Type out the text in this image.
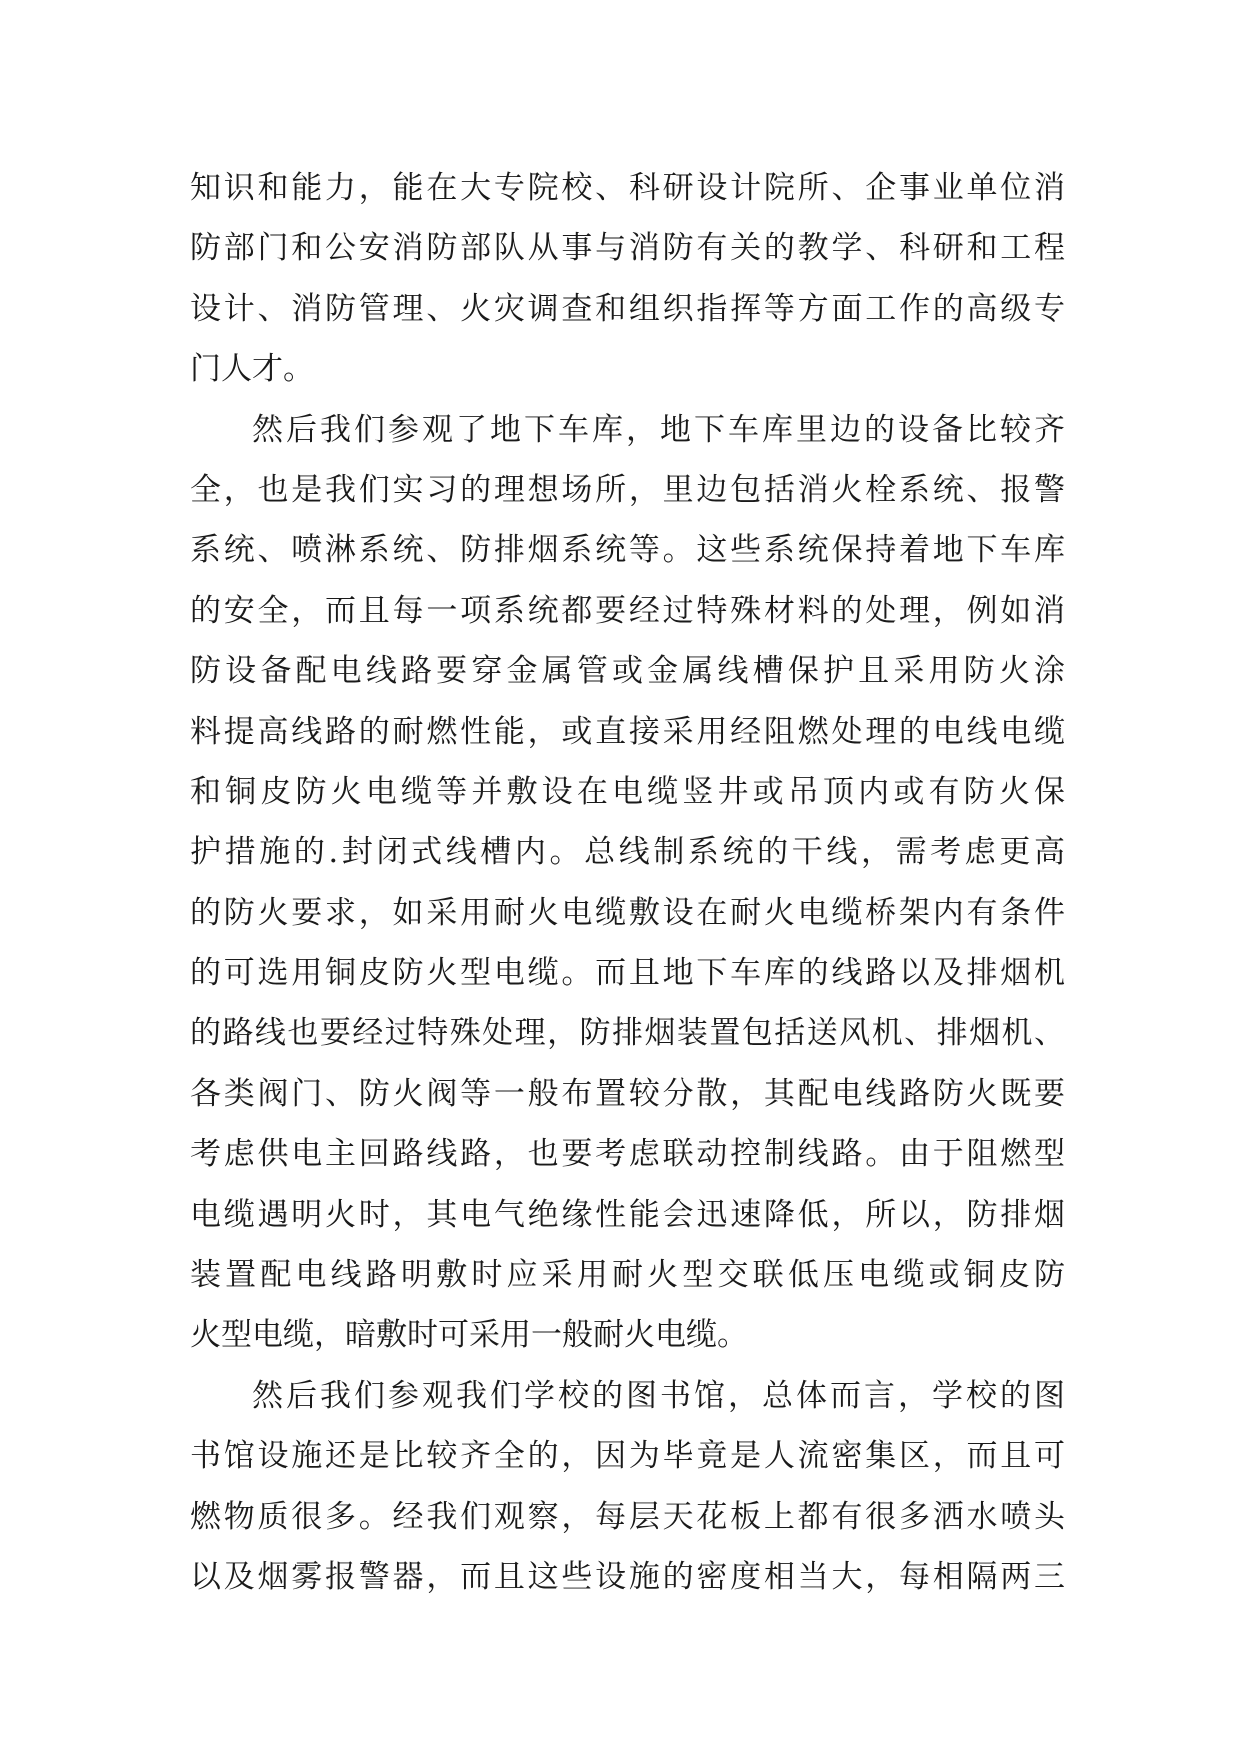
知识和能力，能在大专院校、科研设计院所、企事业单位消
防部门和公安消防部队从事与消防有关的教学、科研和工程
设计、消防管理、火灾调查和组织指挥等方面工作的高级专
门人才。
然后我们参观了地下车库，地下车库里边的设备比较齐
全，也是我们实习的理想场所，里边包括消火栓系统、报警
系统、喷淋系统、防排烟系统等。这些系统保持着地下车库
的安全，而且每一项系统都要经过特殊材料的处理，例如消
防设备配电线路要穿金属管或金属线槽保护且采用防火涂
料提高线路的耐燃性能，或直接采用经阻燃处理的电线电缆
和铜皮防火电缆等并敷设在电缆竖井或吊顶内或有防火保
护措施的.封闭式线槽内。总线制系统的干线，需考虑更高
的防火要求，如采用耐火电缆敷设在耐火电缆桥架内有条件
的可选用铜皮防火型电缆。而且地下车库的线路以及排烟机
的路线也要经过特殊处理，防排烟装置包括送风机、排烟机、
各类阀门、防火阀等一般布置较分散，其配电线路防火既要
考虑供电主回路线路，也要考虑联动控制线路。由于阻燃型
电缆遇明火时，其电气绝缘性能会迅速降低，所以，防排烟
装置配电线路明敷时应采用耐火型交联低压电缆或铜皮防
火型电缆，暗敷时可采用一般耐火电缆。
然后我们参观我们学校的图书馆，总体而言，学校的图
书馆设施还是比较齐全的，因为毕竟是人流密集区，而且可
燃物质很多。经我们观察，每层天花板上都有很多洒水喷头
以及烟雾报警器，而且这些设施的密度相当大，每相隔两三
